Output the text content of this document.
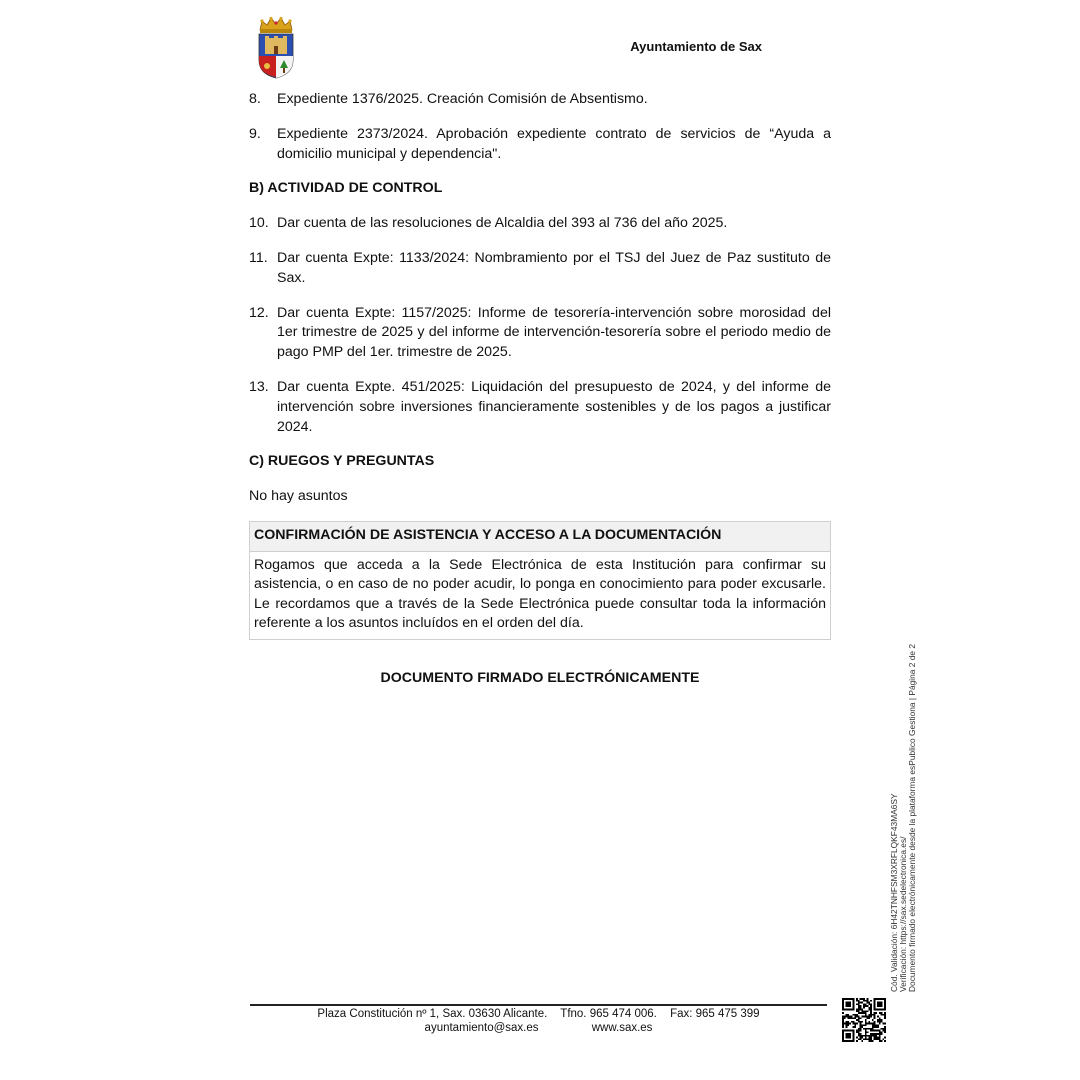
Ayuntamiento de Sax
8.	Expediente 1376/2025. Creación Comisión de Absentismo.
9.	Expediente 2373/2024. Aprobación expediente contrato de servicios de “Ayuda a domicilio municipal y dependencia".
B) ACTIVIDAD DE CONTROL
10. Dar cuenta de las resoluciones de Alcaldia del 393 al 736 del año 2025.
11. Dar cuenta Expte: 1133/2024: Nombramiento por el TSJ del Juez de Paz sustituto de Sax.
12. Dar cuenta Expte: 1157/2025: Informe de tesorería-intervención sobre morosidad del 1er trimestre de 2025 y del informe de intervención-tesorería sobre el periodo medio de pago PMP del 1er. trimestre de 2025.
13. Dar cuenta Expte. 451/2025: Liquidación del presupuesto de 2024, y del informe de intervención sobre inversiones financieramente sostenibles y de los pagos a justificar 2024.
C) RUEGOS Y PREGUNTAS
No hay asuntos
CONFIRMACIÓN DE ASISTENCIA Y ACCESO A LA DOCUMENTACIÓN
Rogamos que acceda a la Sede Electrónica de esta Institución para confirmar su asistencia, o en caso de no poder acudir, lo ponga en conocimiento para poder excusarle. Le recordamos que a través de la Sede Electrónica puede consultar toda la información referente a los asuntos incluídos en el orden del día.
DOCUMENTO FIRMADO ELECTRÓNICAMENTE
Cód. Validación: 6H42TNHFSM3XRFLQKF43MA6SY Verificación: https://sax.sedelectronica.es/ Documento firmado electrónicamente desde la plataforma esPublico Gestiona | Página 2 de 2
Plaza Constitución nº 1, Sax. 03630 Alicante. Tfno. 965 474 006. Fax: 965 475 399
ayuntamiento@sax.es	www.sax.es
